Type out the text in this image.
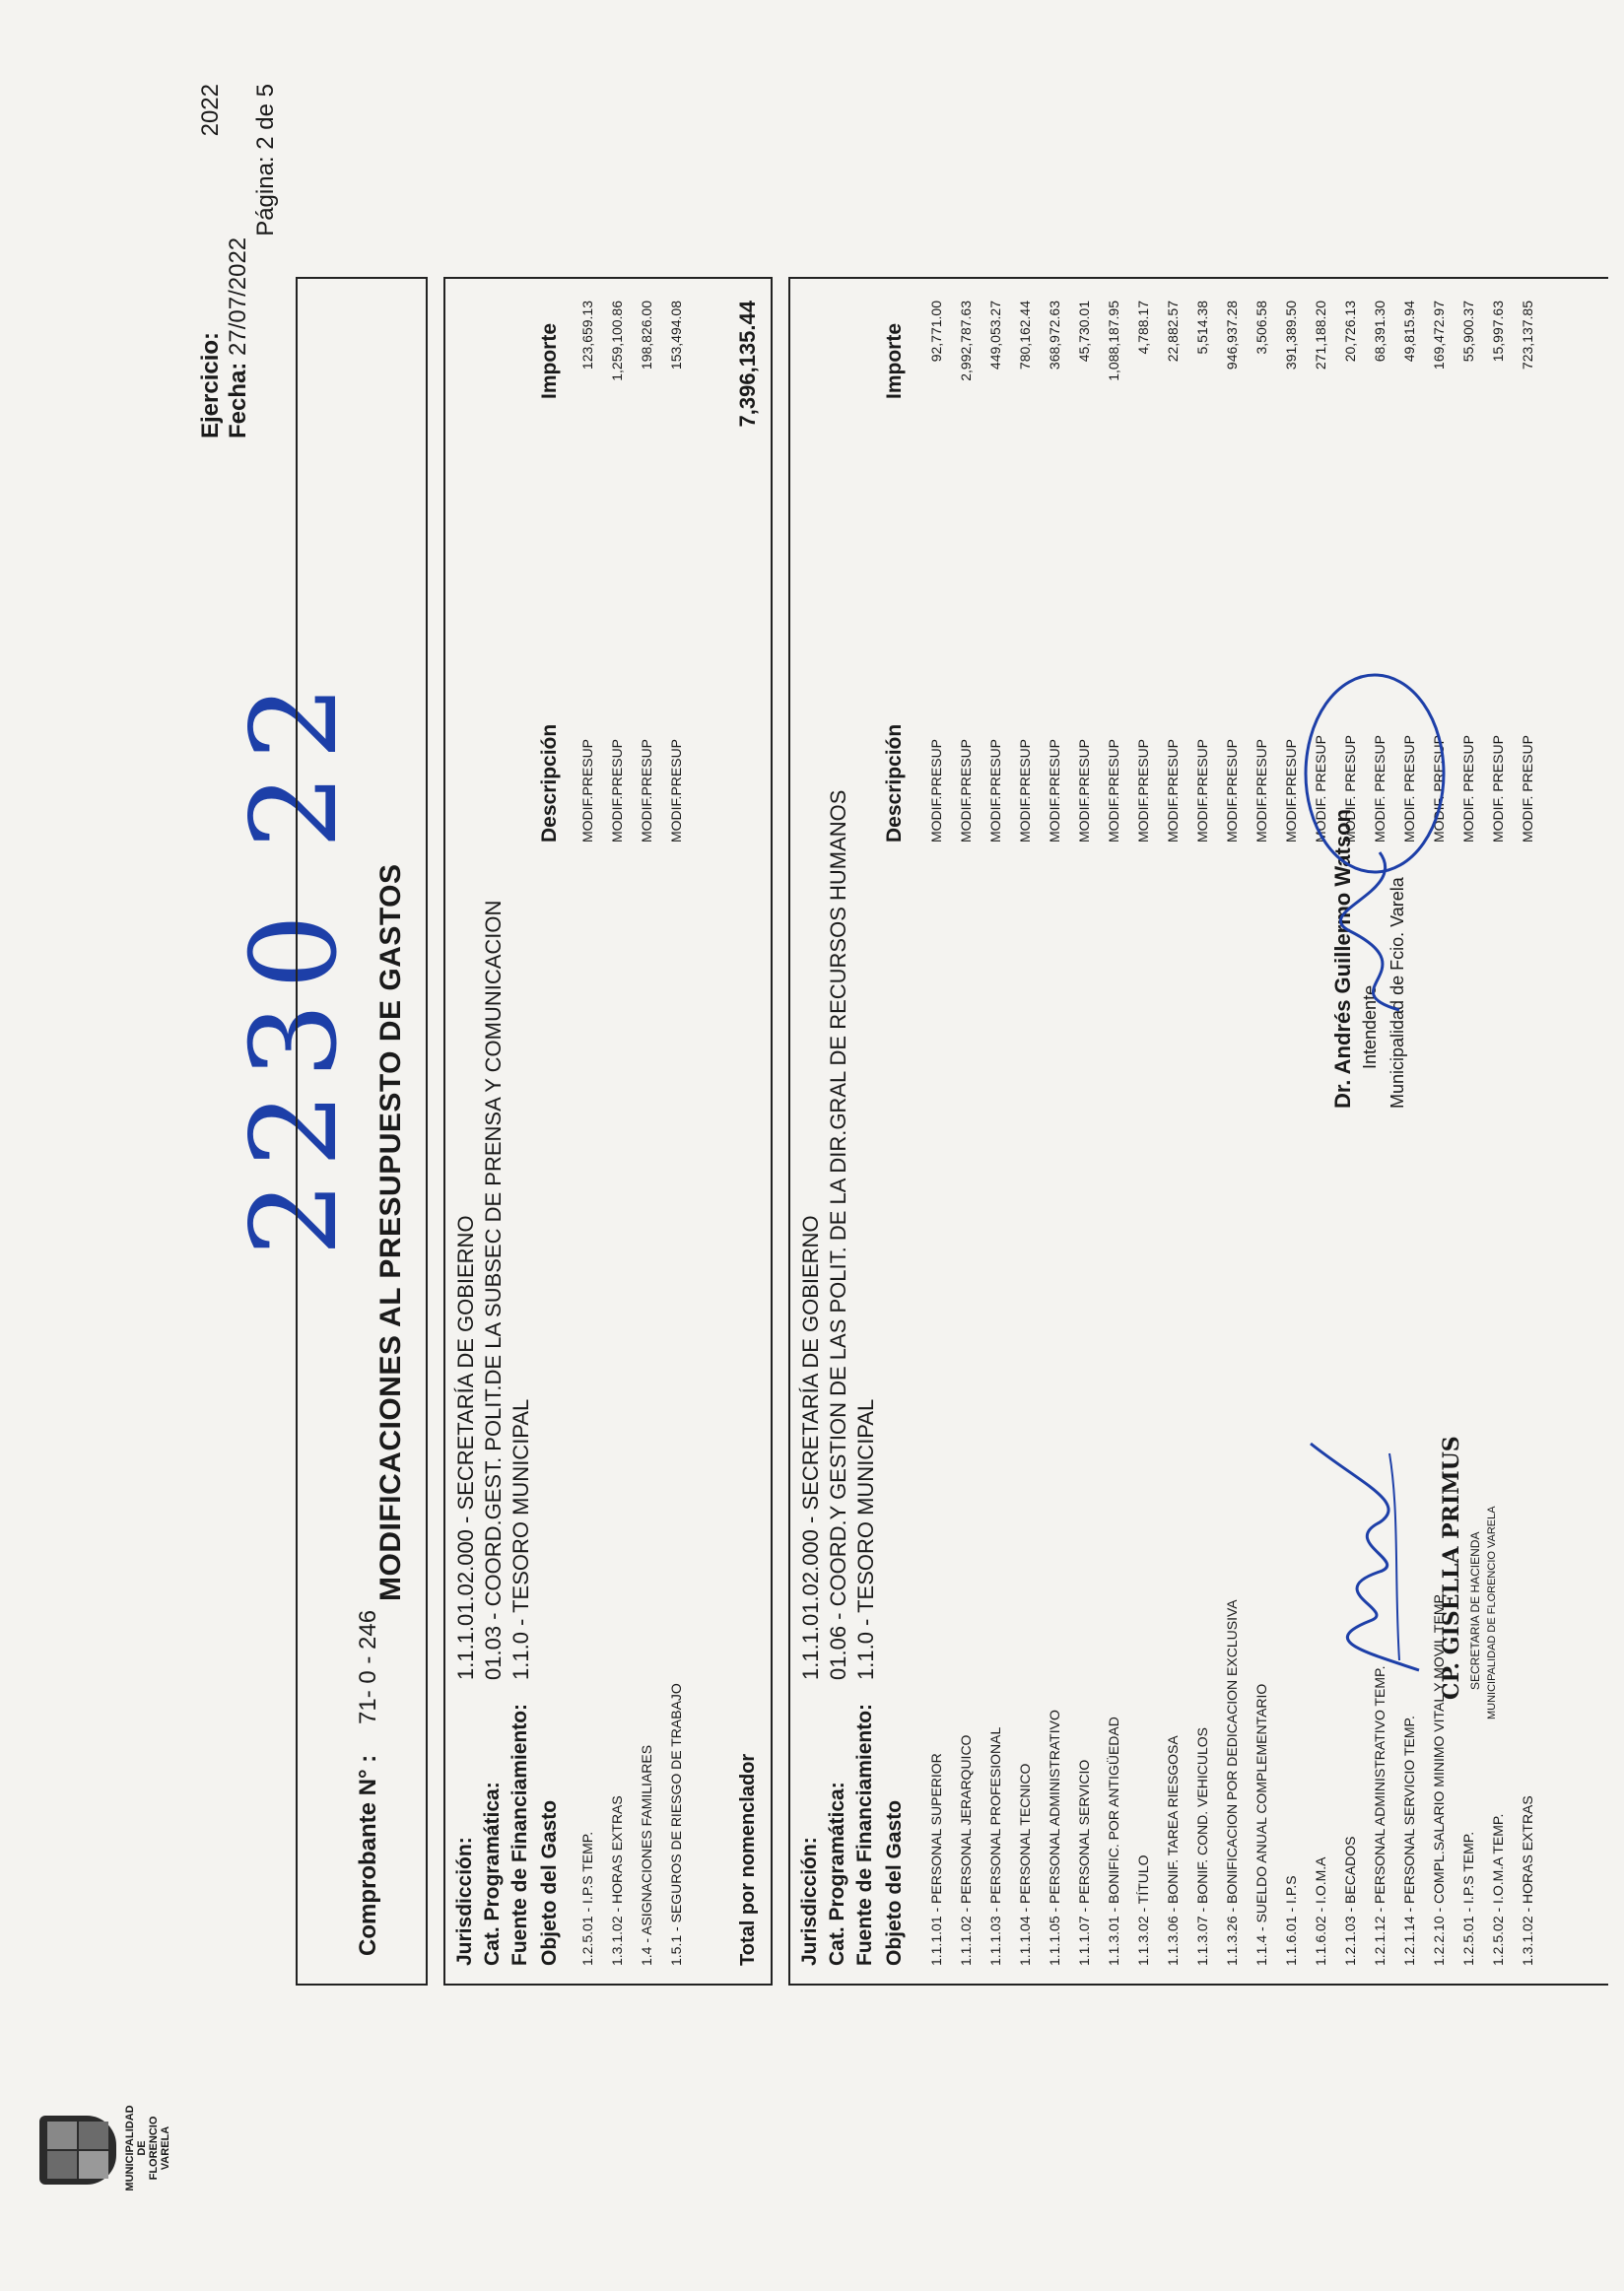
MUNICIPALIDAD DE FLORENCIO VARELA
MODIFICACIONES AL PRESUPUESTO DE GASTOS
Ejercicio:
2022
Fecha:

27/07/2022
Página: 2 de 5
2230 22
Comprobante N° :
71- 0 - 246
Jurisdicción:
1.1.1.01.02.000 - SECRETARÍA DE GOBIERNO
Cat. Programática:
01.03 - COORD.GEST. POLIT.DE LA SUBSEC DE PRENSA Y COMUNICACION
Fuente de Financiamiento:
1.1.0 - TESORO MUNICIPAL
Objeto del Gasto
Descripción
Importe
1.2.5.01 - I.P.S TEMP.
MODIF.PRESUP
123,659.13
1.3.1.02 - HORAS EXTRAS
MODIF.PRESUP
1,259,100.86
1.4 - ASIGNACIONES FAMILIARES
MODIF.PRESUP
198,826.00
1.5.1 - SEGUROS DE RIESGO DE TRABAJO
MODIF.PRESUP
153,494.08
Total por nomenclador
7,396,135.44
Jurisdicción:
1.1.1.01.02.000 - SECRETARÍA DE GOBIERNO
Cat. Programática:
01.06 - COORD.Y GESTION DE LAS POLIT. DE LA DIR.GRAL DE RECURSOS HUMANOS
Fuente de Financiamiento:
1.1.0 - TESORO MUNICIPAL
Objeto del Gasto
Descripción
Importe
1.1.1.01 - PERSONAL SUPERIOR
MODIF.PRESUP
92,771.00
1.1.1.02 - PERSONAL JERARQUICO
MODIF.PRESUP
2,992,787.63
1.1.1.03 - PERSONAL PROFESIONAL
MODIF.PRESUP
449,053.27
1.1.1.04 - PERSONAL TECNICO
MODIF.PRESUP
780,162.44
1.1.1.05 - PERSONAL ADMINISTRATIVO
MODIF.PRESUP
368,972.63
1.1.1.07 - PERSONAL SERVICIO
MODIF.PRESUP
45,730.01
1.1.3.01 - BONIFIC. POR ANTIGÜEDAD
MODIF.PRESUP
1,088,187.95
1.1.3.02 - TÍTULO
MODIF.PRESUP
4,788.17
1.1.3.06 - BONIF. TAREA RIESGOSA
MODIF.PRESUP
22,882.57
1.1.3.07 - BONIF. COND. VEHICULOS
MODIF.PRESUP
5,514.38
1.1.3.26 - BONIFICACION POR DEDICACION EXCLUSIVA
MODIF.PRESUP
946,937.28
1.1.4 - SUELDO ANUAL COMPLEMENTARIO
MODIF.PRESUP
3,506.58
1.1.6.01 - I.P.S
MODIF.PRESUP
391,389.50
1.1.6.02 - I.O.M.A
MODIF. PRESUP
271,188.20
1.2.1.03 - BECADOS
MODIF. PRESUP
20,726.13
1.2.1.12 - PERSONAL ADMINISTRATIVO TEMP.
MODIF. PRESUP
68,391.30
1.2.1.14 - PERSONAL SERVICIO TEMP.
MODIF. PRESUP
49,815.94
1.2.2.10 - COMPL.SALARIO MINIMO VITAL Y MOVIL TEMP.
MODIF. PRESUP
169,472.97
1.2.5.01 - I.P.S TEMP.
MODIF. PRESUP
55,900.37
1.2.5.02 - I.O.M.A TEMP.
MODIF. PRESUP
15,997.63
1.3.1.02 - HORAS EXTRAS
MODIF. PRESUP
723,137.85
CP. GISELLA PRIMUS SECRETARIA DE HACIENDA MUNICIPALIDAD DE FLORENCIO VARELA
Dr. Andrés Guillermo Watson Intendente Municipalidad de Fcio. Varela
